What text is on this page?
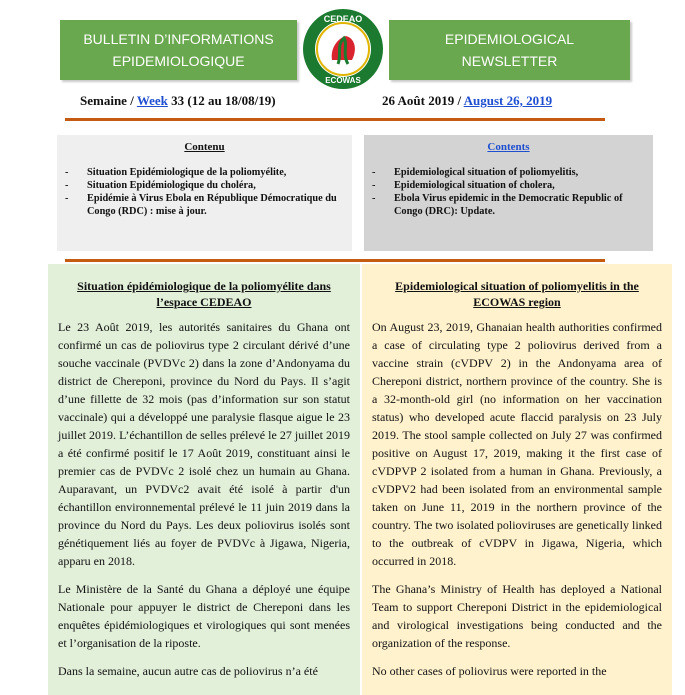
BULLETIN D’INFORMATIONS
EPIDEMIOLOGIQUE
CEDEAO
ECOWAS
EPIDEMIOLOGICAL
NEWSLETTER
Semaine / Week 33 (12 au 18/08/19)	26 Août 2019 / August 26, 2019
Contenu
- Situation Epidémiologique de la poliomyélite,
- Situation Epidémiologique du choléra,
- Epidémie à Virus Ebola en République Démocratique du Congo (RDC) : mise à jour.
Contents
- Epidemiological situation of poliomyelitis,
- Epidemiological situation of cholera,
- Ebola Virus epidemic in the Democratic Republic of Congo (DRC): Update.
Situation épidémiologique de la poliomyélite dans l’espace CEDEAO

Le 23 Août 2019, les autorités sanitaires du Ghana ont confirmé un cas de poliovirus type 2 circulant dérivé d’une souche vaccinale (PVDVc 2) dans la zone d’Andonyama du district de Chereponi, province du Nord du Pays. Il s’agit d’une fillette de 32 mois (pas d’information sur son statut vaccinale) qui a développé une paralysie flasque aigue le 23 juillet 2019. L’échantillon de selles prélevé le 27 juillet 2019 a été confirmé positif le 17 Août 2019, constituant ainsi le premier cas de PVDVc 2 isolé chez un humain au Ghana. Auparavant, un PVDVc2 avait été isolé à partir d'un échantillon environnemental prélevé le 11 juin 2019 dans la province du Nord du Pays. Les deux poliovirus isolés sont génétiquement liés au foyer de PVDVc à Jigawa, Nigeria, apparu en 2018.

Le Ministère de la Santé du Ghana a déployé une équipe Nationale pour appuyer le district de Chereponi dans les enquêtes épidémiologiques et virologiques qui sont menées et l’organisation de la riposte.

Dans la semaine, aucun autre cas de poliovirus n’a été

Epidemiological situation of poliomyelitis in the ECOWAS region

On August 23, 2019, Ghanaian health authorities confirmed a case of circulating type 2 poliovirus derived from a vaccine strain (cVDPV 2) in the Andonyama area of Chereponi district, northern province of the country. She is a 32-month-old girl (no information on her vaccination status) who developed acute flaccid paralysis on 23 July 2019. The stool sample collected on July 27 was confirmed positive on August 17, 2019, making it the first case of cVDPVP 2 isolated from a human in Ghana. Previously, a cVDPV2 had been isolated from an environmental sample taken on June 11, 2019 in the northern province of the country. The two isolated polioviruses are genetically linked to the outbreak of cVDPV in Jigawa, Nigeria, which occurred in 2018.

The Ghana’s Ministry of Health has deployed a National Team to support Chereponi District in the epidemiological and virological investigations being conducted and the organization of the response.

No other cases of poliovirus were reported in the
